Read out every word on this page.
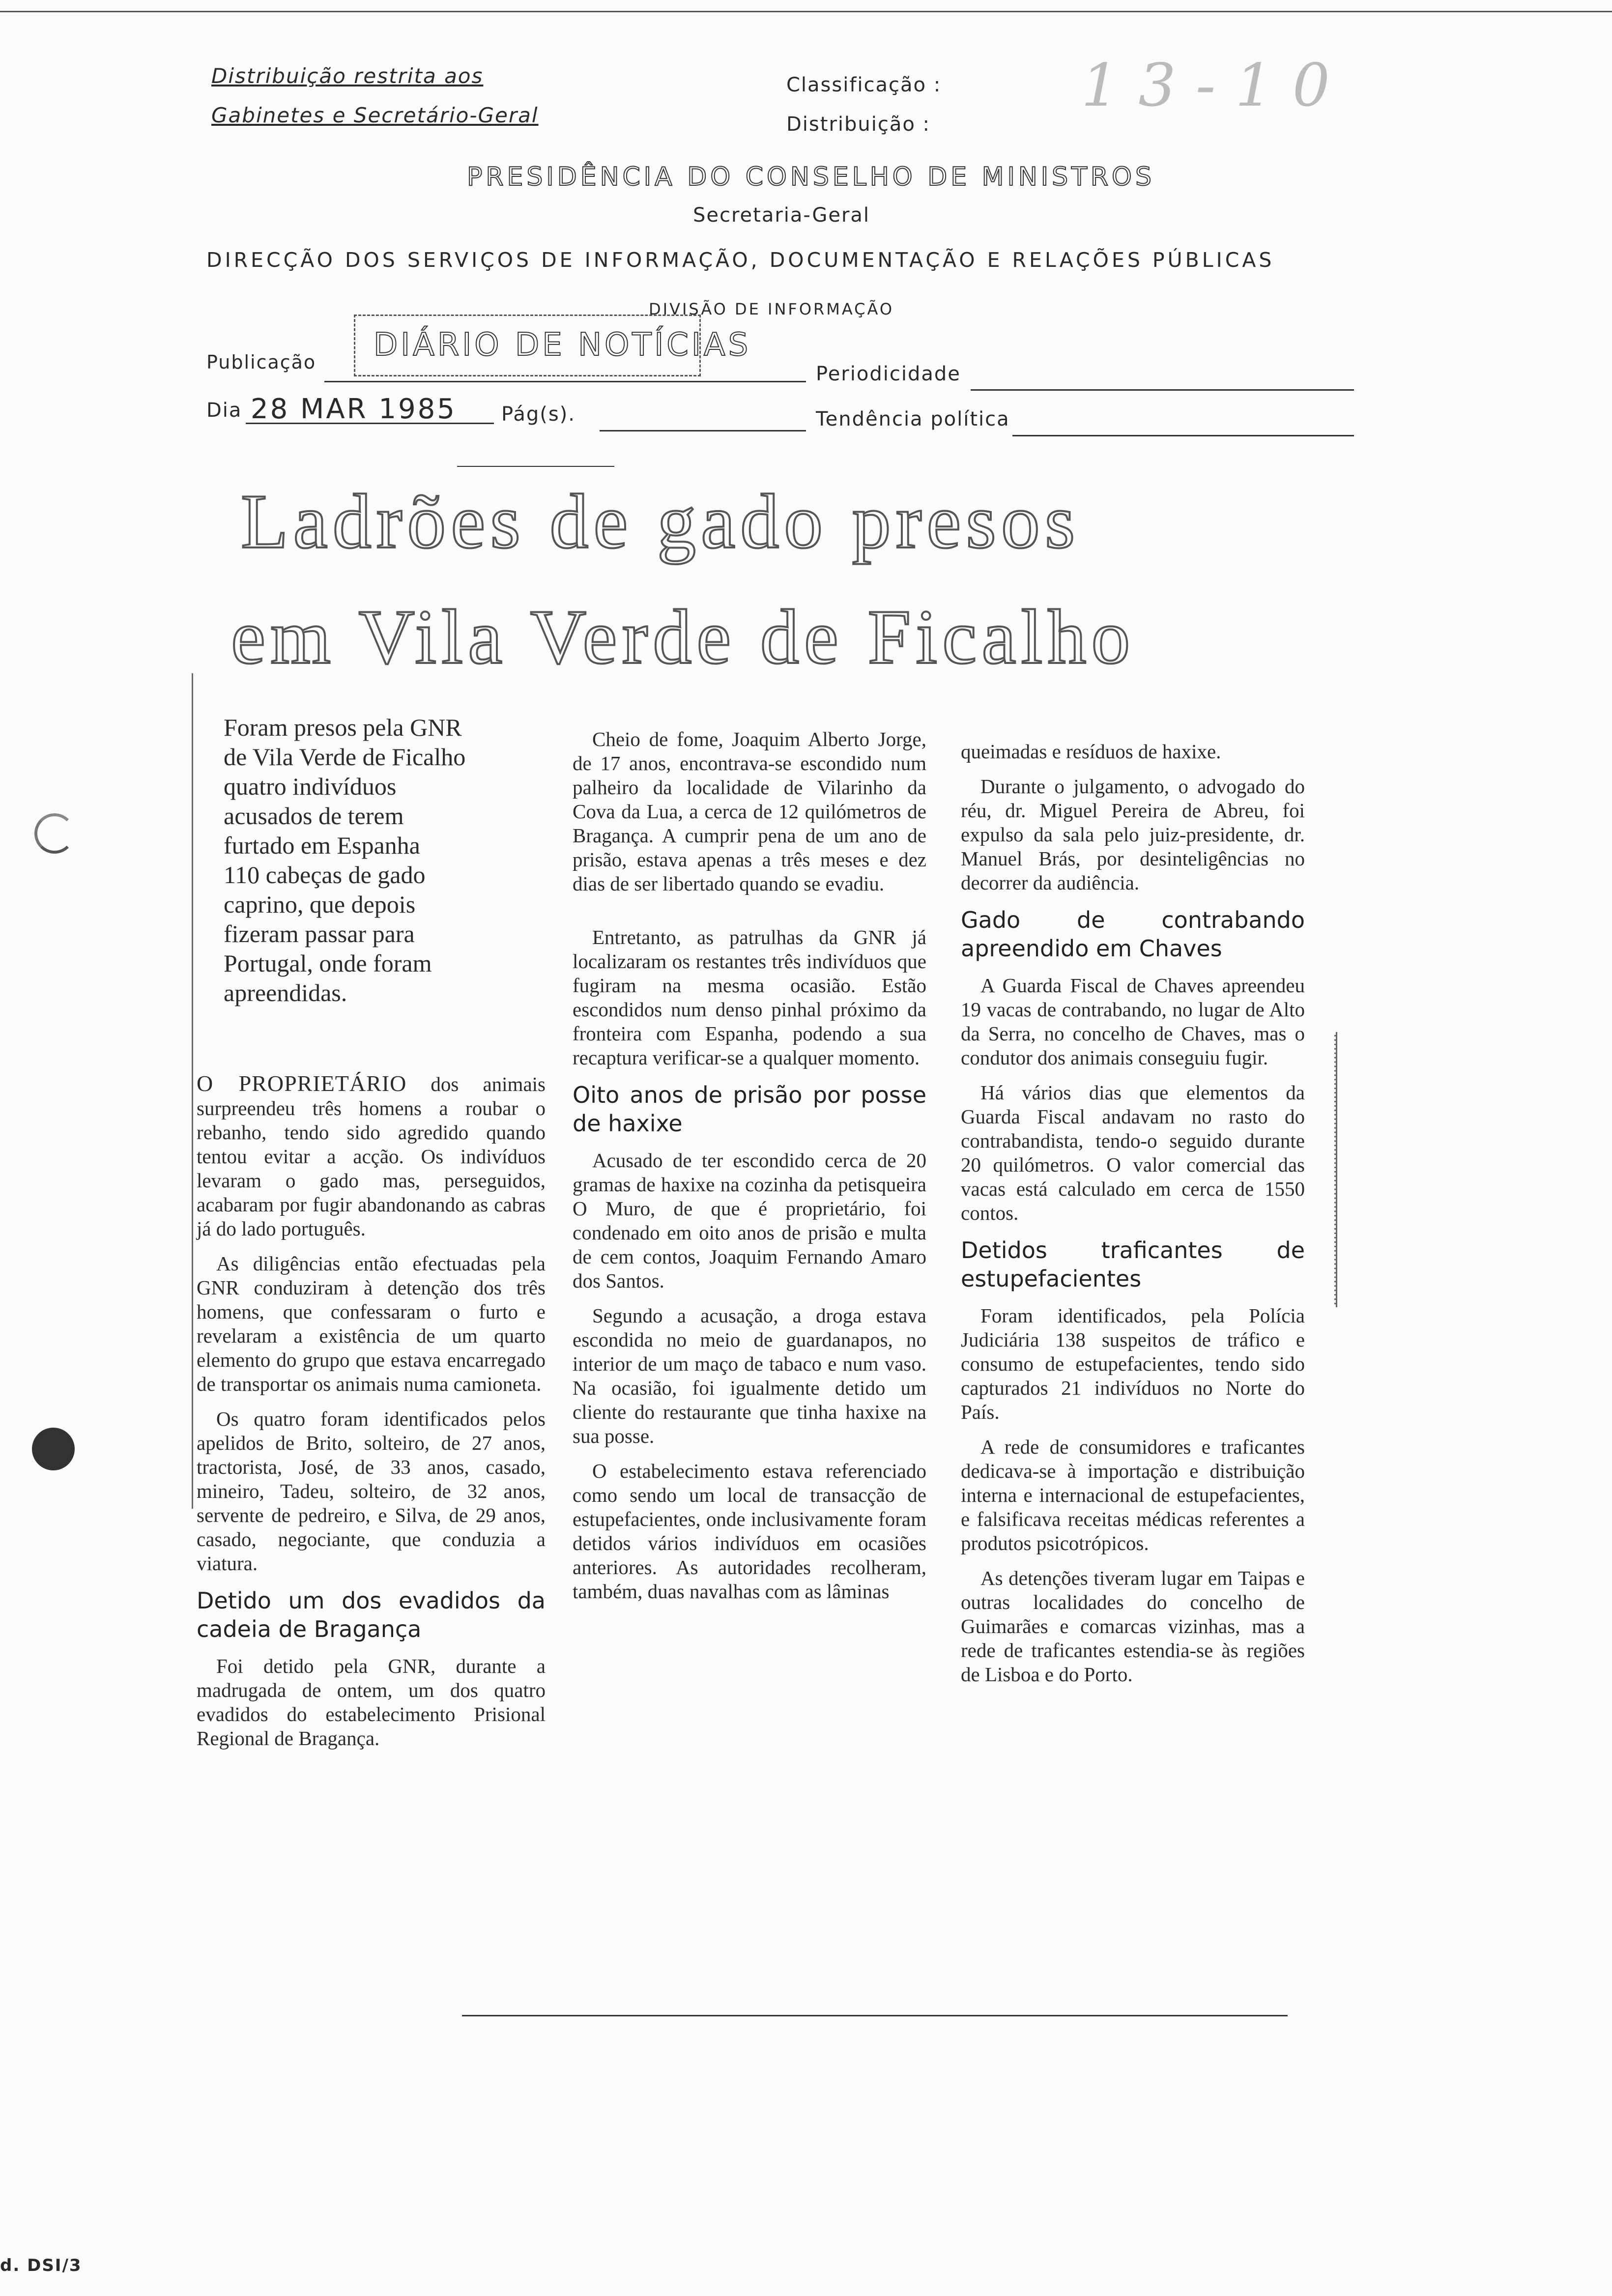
Distribuição restrita aos
Gabinetes e Secretário-Geral
Classificação :
Distribuição :
13-10
PRESIDÊNCIA DO CONSELHO DE MINISTROS
Secretaria-Geral
DIRECÇÃO DOS SERVIÇOS DE INFORMAÇÃO, DOCUMENTAÇÃO E RELAÇÕES PÚBLICAS
DIVISÃO DE INFORMAÇÃO
Publicação DIÁRIO DE NOTÍCIAS
Periodicidade
Dia 28 MAR 1985 Pág(s).	Tendência política
Ladrões de gado presos
em Vila Verde de Ficalho
Foram presos pela GNR
de Vila Verde de Ficalho
quatro indivíduos
acusados de terem
furtado em Espanha
110 cabeças de gado
caprino, que depois
fizeram passar para
Portugal, onde foram
apreendidas.

O PROPRIETÁRIO dos animais surpreendeu três homens a roubar o rebanho, tendo sido agredido quando tentou evitar a acção. Os indivíduos levaram o gado mas, perseguidos, acabaram por fugir abandonando as cabras já do lado português.

As diligências então efectuadas pela GNR conduziram à detenção dos três homens, que confessaram o furto e revelaram a existência de um quarto elemento do grupo que estava encarregado de transportar os animais numa camioneta.

Os quatro foram identificados pelos apelidos de Brito, solteiro, de 27 anos, tractorista, José, de 33 anos, casado, mineiro, Tadeu, solteiro, de 32 anos, servente de pedreiro, e Silva, de 29 anos, casado, negociante, que conduzia a viatura.

Detido um dos evadidos da cadeia de Bragança

Foi detido pela GNR, durante a madrugada de ontem, um dos quatro evadidos do estabelecimento Prisional Regional de Bragança.

Cheio de fome, Joaquim Alberto Jorge, de 17 anos, encontrava-se escondido num palheiro da localidade de Vilarinho da Cova da Lua, a cerca de 12 quilómetros de Bragança. A cumprir pena de um ano de prisão, estava apenas a três meses e dez dias de ser libertado quando se evadiu.

Entretanto, as patrulhas da GNR já localizaram os restantes três indivíduos que fugiram na mesma ocasião. Estão escondidos num denso pinhal próximo da fronteira com Espanha, podendo a sua recaptura verificar-se a qualquer momento.

Oito anos de prisão por posse de haxixe

Acusado de ter escondido cerca de 20 gramas de haxixe na cozinha da petisqueira O Muro, de que é proprietário, foi condenado em oito anos de prisão e multa de cem contos, Joaquim Fernando Amaro dos Santos.

Segundo a acusação, a droga estava escondida no meio de guardanapos, no interior de um maço de tabaco e num vaso. Na ocasião, foi igualmente detido um cliente do restaurante que tinha haxixe na sua posse.

O estabelecimento estava referenciado como sendo um local de transacção de estupefacientes, onde inclusivamente foram detidos vários indivíduos em ocasiões anteriores. As autoridades recolheram, também, duas navalhas com as lâminas

queimadas e resíduos de haxixe.

Durante o julgamento, o advogado do réu, dr. Miguel Pereira de Abreu, foi expulso da sala pelo juiz-presidente, dr. Manuel Brás, por desinteligências no decorrer da audiência.

Gado de contrabando apreendido em Chaves

A Guarda Fiscal de Chaves apreendeu 19 vacas de contrabando, no lugar de Alto da Serra, no concelho de Chaves, mas o condutor dos animais conseguiu fugir.

Há vários dias que elementos da Guarda Fiscal andavam no rasto do contrabandista, tendo-o seguido durante 20 quilómetros. O valor comercial das vacas está calculado em cerca de 1550 contos.

Detidos traficantes de estupefacientes

Foram identificados, pela Polícia Judiciária 138 suspeitos de tráfico e consumo de estupefacientes, tendo sido capturados 21 indivíduos no Norte do País.

A rede de consumidores e traficantes dedicava-se à importação e distribuição interna e internacional de estupefacientes, e falsificava receitas médicas referentes a produtos psicotrópicos.

As detenções tiveram lugar em Taipas e outras localidades do concelho de Guimarães e comarcas vizinhas, mas a rede de traficantes estendia-se às regiões de Lisboa e do Porto.

d. DSI/3
